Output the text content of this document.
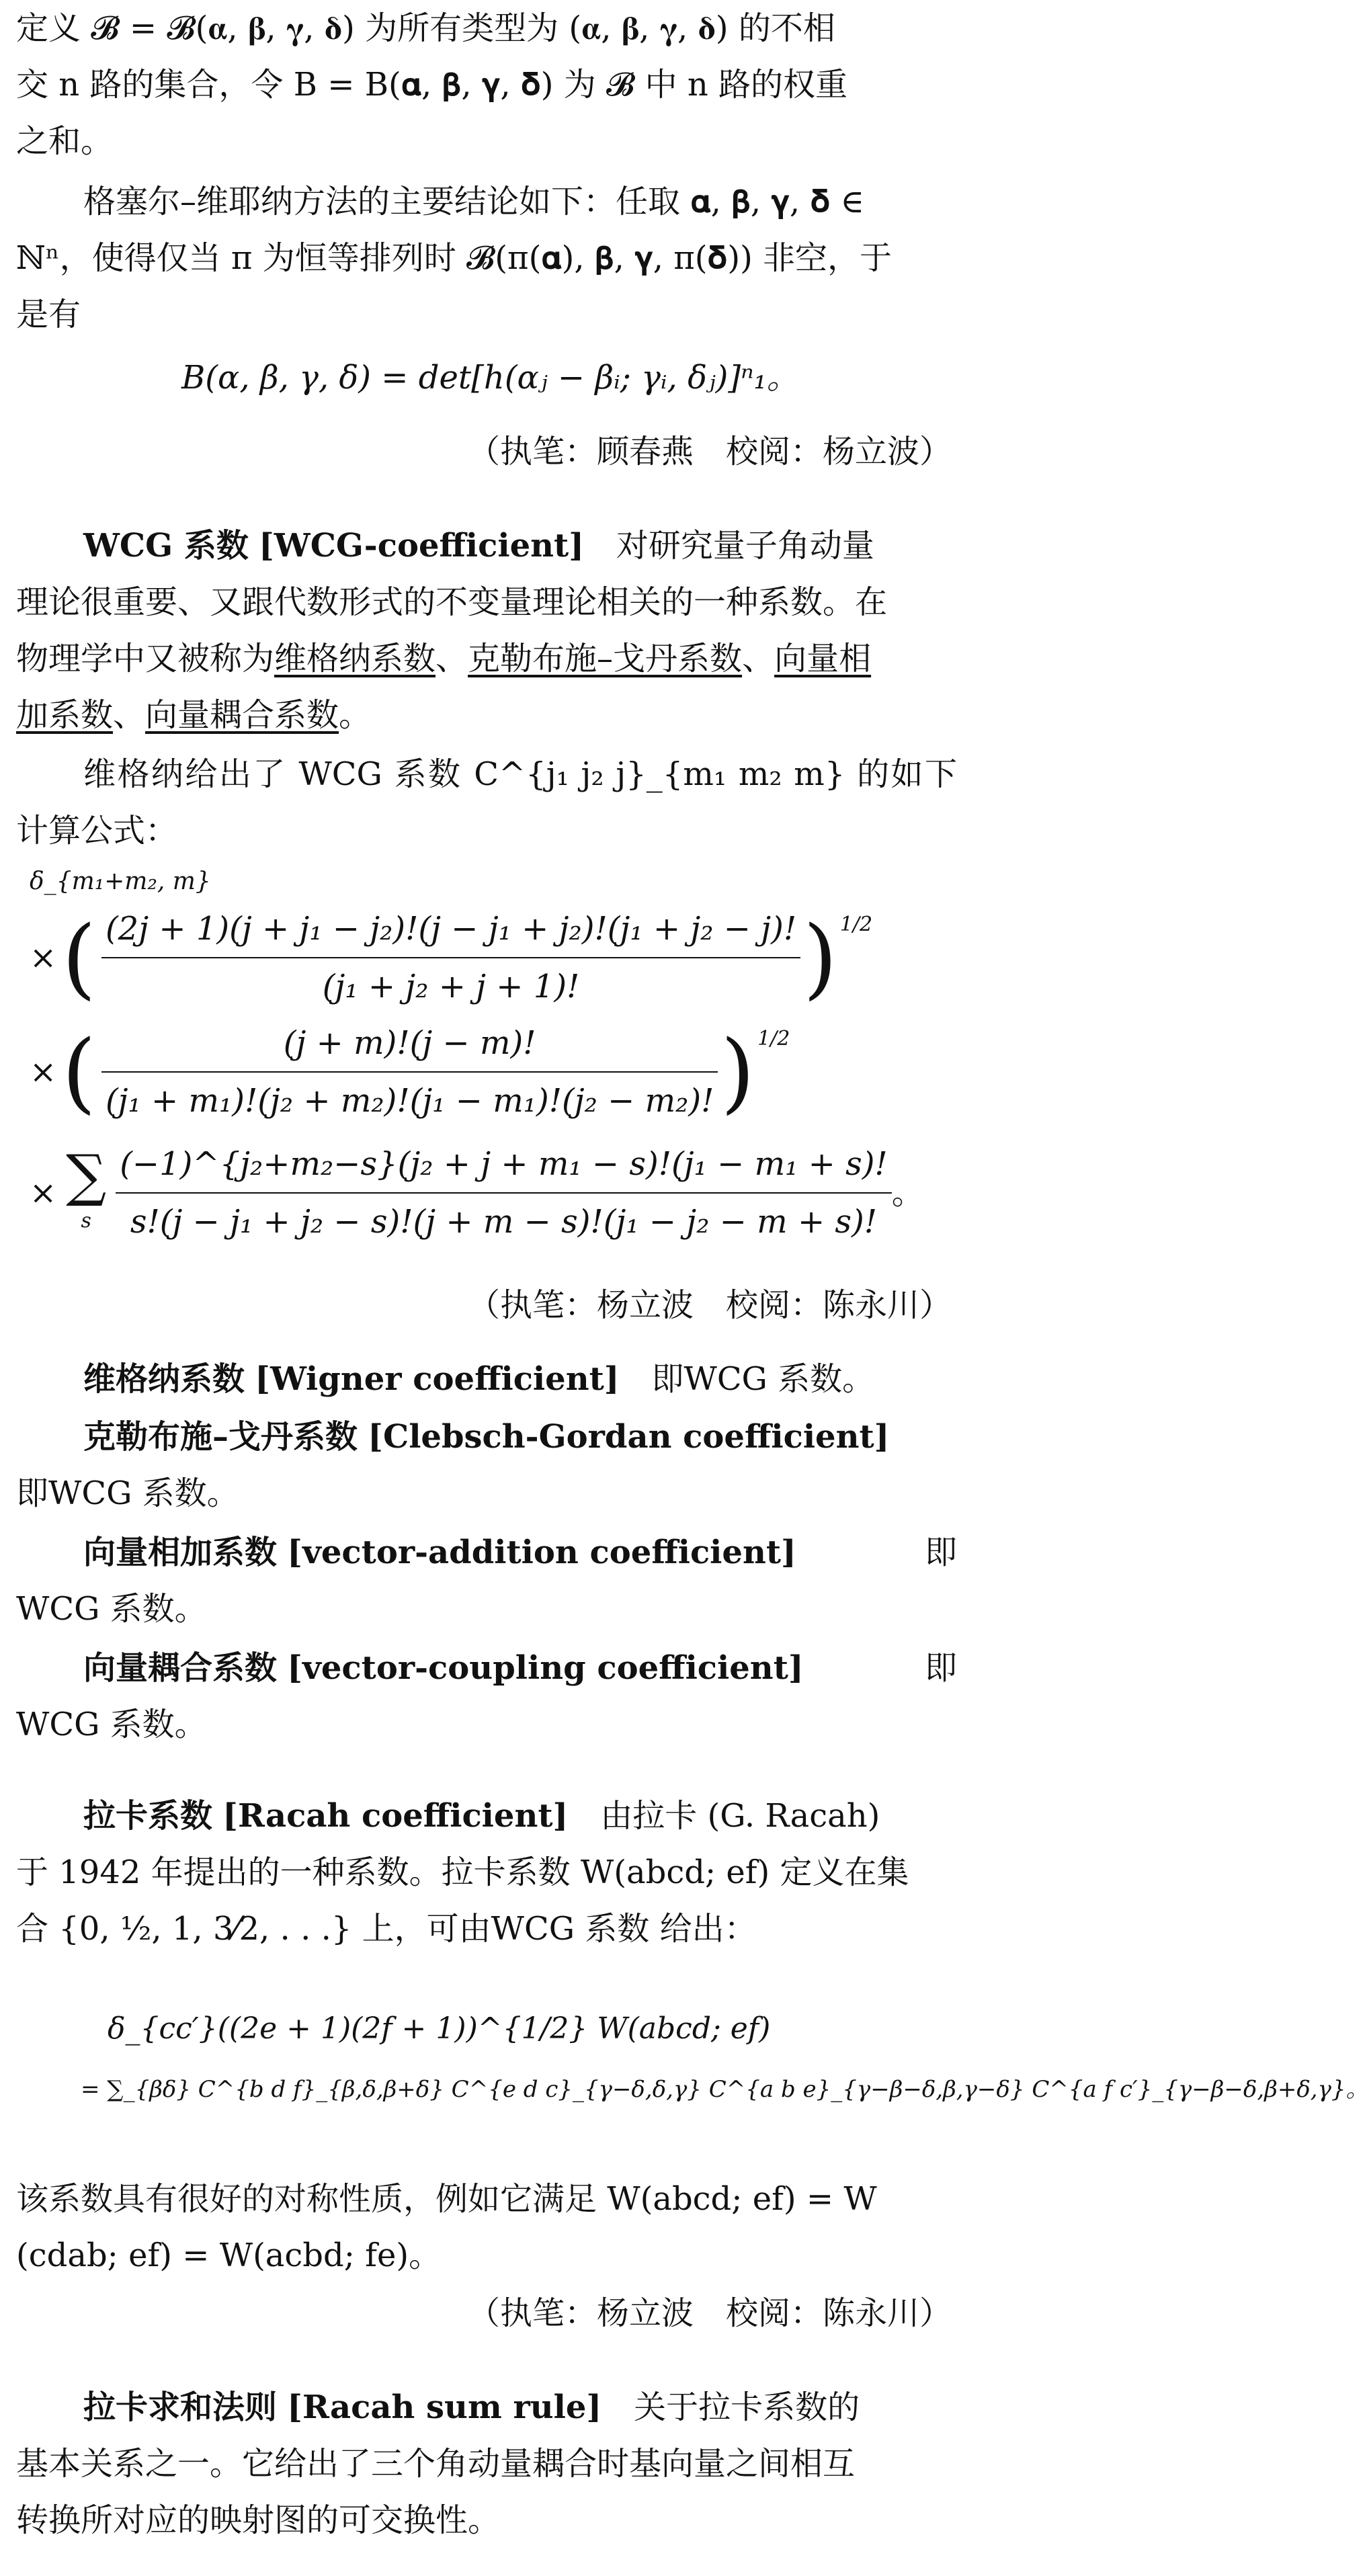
定义 𝓑 = 𝓑(𝛂, 𝛃, 𝛄, 𝛅) 为所有类型为 (𝛂, 𝛃, 𝛄, 𝛅) 的不相
交 n 路的集合，令 B = B(𝛂, 𝛃, 𝛄, 𝛅) 为 𝓑 中 n 路的权重
之和。

格塞尔–维耶纳方法的主要结论如下：任取 𝛂, 𝛃, 𝛄, 𝛅 ∈
ℕⁿ，使得仅当 π 为恒等排列时 𝓑(π(𝛂), 𝛃, 𝛄, π(𝛅)) 非空，于
是有

B(α, β, γ, δ) = det[h(αⱼ − βᵢ; γᵢ, δⱼ)]ⁿ₁。

（执笔：顾春燕　校阅：杨立波）

WCG 系数 [WCG-coefficient]　对研究量子角动量
理论很重要、又跟代数形式的不变量理论相关的一种系数。在
物理学中又被称为维格纳系数、克勒布施–戈丹系数、向量相
加系数、向量耦合系数。

维格纳给出了 WCG 系数 C^{j₁ j₂ j}_{m₁ m₂ m} 的如下计算公式：

δ_{m₁+m₂, m}
× ( $\frac{\text{(2j + 1)(j + j₁ − j₂)!(j − j₁ + j₂)!(j₁ + j₂ − j)!}}{\text{(j₁ + j₂ + j + 1)!}} )^{1/2}$
× ( $\frac{(j + m)!(j - m)!}{\text{(j₁ + m₁)!(j₂ + m₂)!(j₁ − m₁)!(j₂ − m₂)!}} )^{1/2}$
× ∑
s $\frac{\text{(−1)\textasciicircum{}\{j₂+m₂−s\}(j₂ + j + m₁ − s)!(j₁ − m₁ + s)!}}{\text{s!(j − j₁ + j₂ − s)!(j + m − s)!(j₁ − j₂ − m + s)!}}$ 。

（执笔：杨立波　校阅：陈永川）

维格纳系数 [Wigner coefficient]　即WCG 系数。

克勒布施–戈丹系数 [Clebsch-Gordan coefficient]
即WCG 系数。

向量相加系数 [vector-addition coefficient]	即

WCG 系数。

向量耦合系数 [vector-coupling coefficient]	即

WCG 系数。

拉卡系数 [Racah coefficient]　由拉卡 (G. Racah)
于 1942 年提出的一种系数。拉卡系数 W(abcd; ef) 定义在集
合 {0, ½, 1, 3⁄2, . . .} 上，可由WCG 系数 给出：

δ_{cc′}((2e + 1)(2f + 1))^{1/2} W(abcd; ef)
= ∑_{βδ} C^{b d f}_{β,δ,β+δ} C^{e d c}_{γ−δ,δ,γ} C^{a b e}_{γ−β−δ,β,γ−δ} C^{a f c′}_{γ−β−δ,β+δ,γ}。

该系数具有很好的对称性质，例如它满足 W(abcd; ef) = W
(cdab; ef) = W(acbd; fe)。

（执笔：杨立波　校阅：陈永川）

拉卡求和法则 [Racah sum rule]　关于拉卡系数的
基本关系之一。它给出了三个角动量耦合时基向量之间相互
转换所对应的映射图的可交换性。
